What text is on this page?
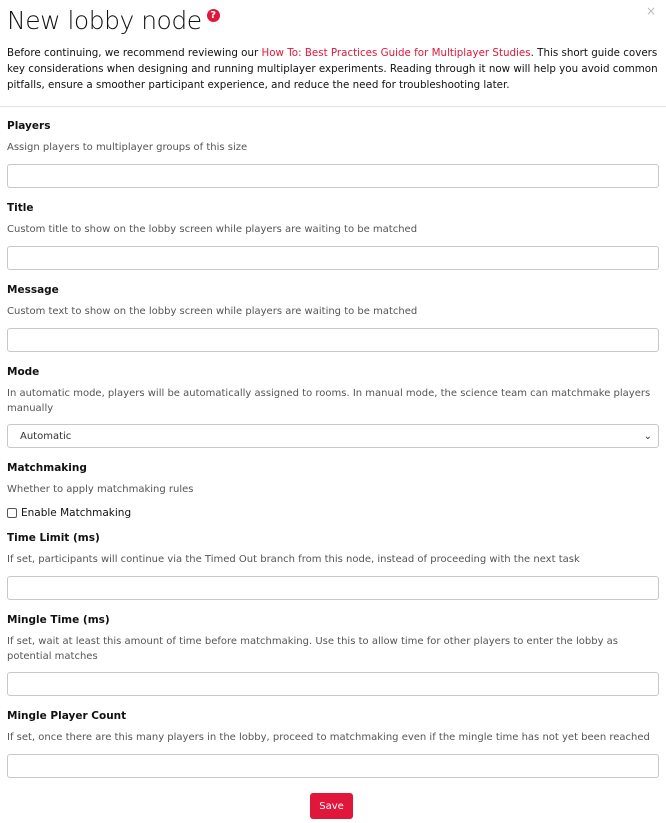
New lobby node ?	×

Before continuing, we recommend reviewing our How To: Best Practices Guide for Multiplayer Studies. This short guide covers key considerations when designing and running multiplayer experiments. Reading through it now will help you avoid common pitfalls, ensure a smoother participant experience, and reduce the need for troubleshooting later.

Players
Assign players to multiplayer groups of this size
Title
Custom title to show on the lobby screen while players are waiting to be matched
Message
Custom text to show on the lobby screen while players are waiting to be matched
Mode
In automatic mode, players will be automatically assigned to rooms. In manual mode, the science team can matchmake players manually
Automatic	⌄
Matchmaking
Whether to apply matchmaking rules
Enable Matchmaking
Time Limit (ms)
If set, participants will continue via the Timed Out branch from this node, instead of proceeding with the next task
Mingle Time (ms)
If set, wait at least this amount of time before matchmaking. Use this to allow time for other players to enter the lobby as potential matches
Mingle Player Count
If set, once there are this many players in the lobby, proceed to matchmaking even if the mingle time has not yet been reached
Save
